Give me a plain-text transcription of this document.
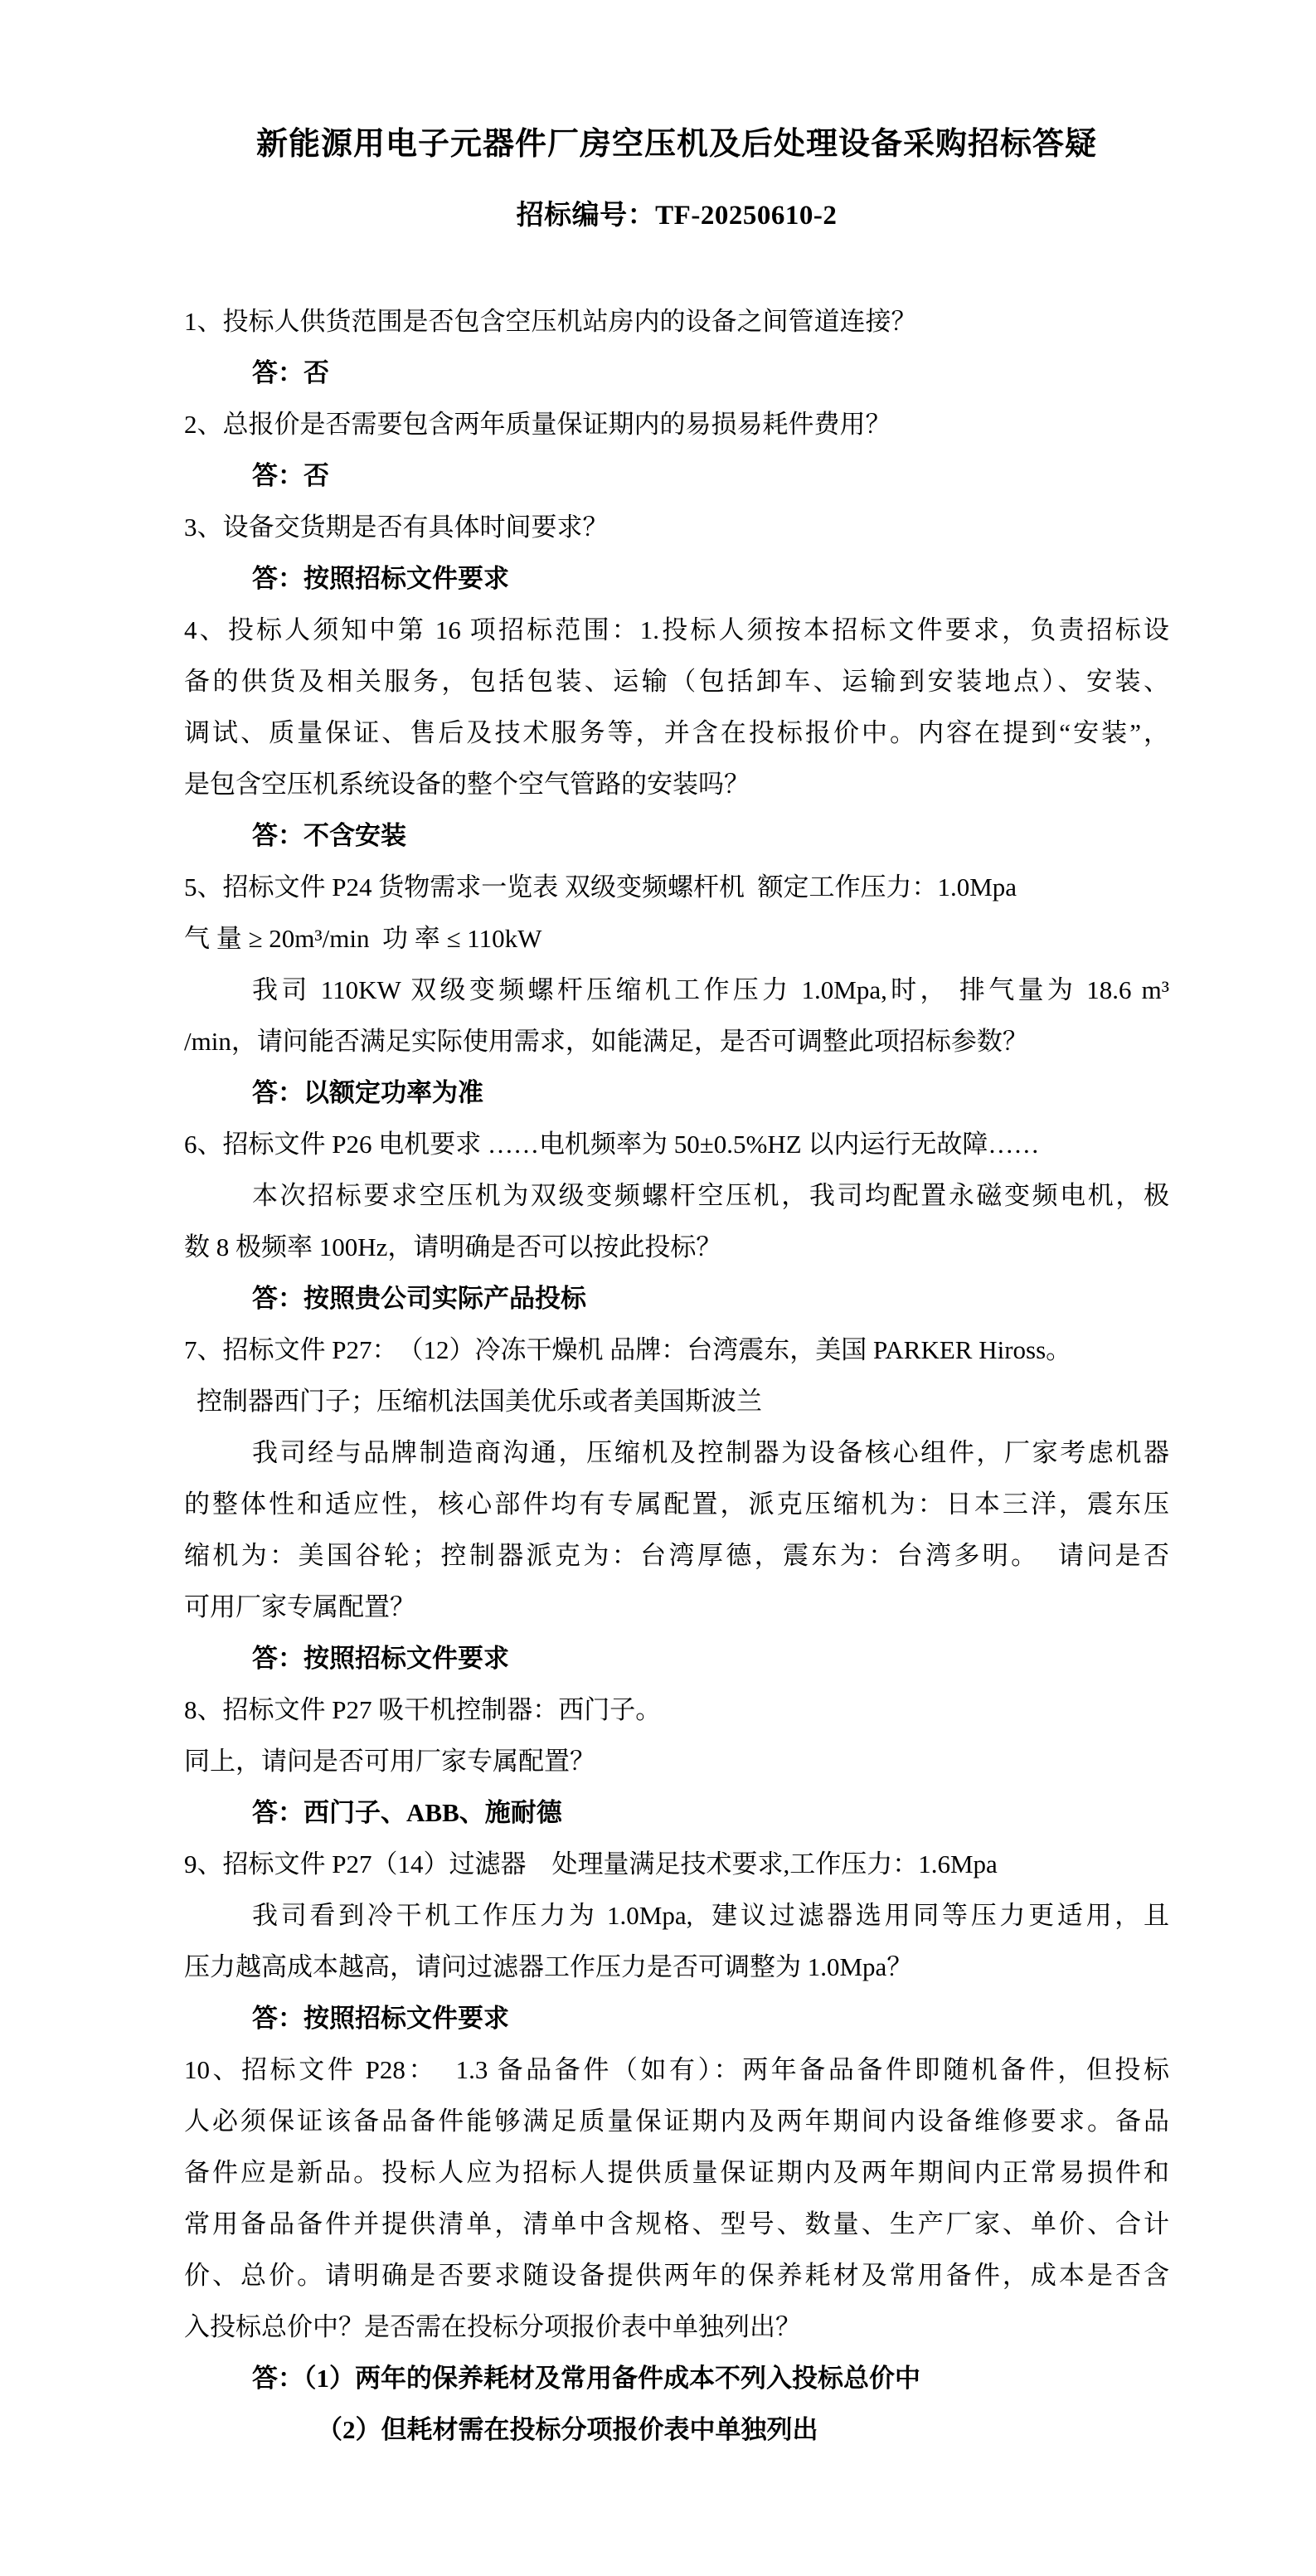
新能源用电子元器件厂房空压机及后处理设备采购招标答疑
招标编号：TF-20250610-2
1、投标人供货范围是否包含空压机站房内的设备之间管道连接？
答：否
2、总报价是否需要包含两年质量保证期内的易损易耗件费用？
答：否
3、设备交货期是否有具体时间要求？
答：按照招标文件要求
4、投标人须知中第 16 项招标范围：1.投标人须按本招标文件要求，负责招标设
备的供货及相关服务，包括包装、运输（包括卸车、运输到安装地点）、安装、
调试、质量保证、售后及技术服务等，并含在投标报价中。内容在提到“安装”，
是包含空压机系统设备的整个空气管路的安装吗？
答：不含安装
5、招标文件 P24 货物需求一览表 双级变频螺杆机  额定工作压力：1.0Mpa
气 量 ≥ 20m³/min  功 率 ≤ 110kW
我司 110KW 双级变频螺杆压缩机工作压力 1.0Mpa,时， 排气量为 18.6 m³
/min，请问能否满足实际使用需求，如能满足，是否可调整此项招标参数？
答：以额定功率为准
6、招标文件 P26 电机要求 ……电机频率为 50±0.5%HZ 以内运行无故障……
本次招标要求空压机为双级变频螺杆空压机，我司均配置永磁变频电机，极
数 8 极频率 100Hz，请明确是否可以按此投标？
答：按照贵公司实际产品投标
7、招标文件 P27：　（12）冷冻干燥机 品牌：台湾震东，美国 PARKER Hiross。
控制器西门子；压缩机法国美优乐或者美国斯波兰
我司经与品牌制造商沟通，压缩机及控制器为设备核心组件，厂家考虑机器
的整体性和适应性，核心部件均有专属配置，派克压缩机为：日本三洋，震东压
缩机为：美国谷轮；控制器派克为：台湾厚德，震东为：台湾多明。  请问是否
可用厂家专属配置？
答：按照招标文件要求
8、招标文件 P27 吸干机控制器：西门子。
同上，请问是否可用厂家专属配置？
答：西门子、ABB、施耐德
9、招标文件 P27（14）过滤器    处理量满足技术要求,工作压力：1.6Mpa
我司看到冷干机工作压力为 1.0Mpa,  建议过滤器选用同等压力更适用，且
压力越高成本越高，请问过滤器工作压力是否可调整为 1.0Mpa？
答：按照招标文件要求
10、招标文件 P28：  1.3 备品备件（如有）：两年备品备件即随机备件，但投标
人必须保证该备品备件能够满足质量保证期内及两年期间内设备维修要求。备品
备件应是新品。投标人应为招标人提供质量保证期内及两年期间内正常易损件和
常用备品备件并提供清单，清单中含规格、型号、数量、生产厂家、单价、合计
价、总价。请明确是否要求随设备提供两年的保养耗材及常用备件，成本是否含
入投标总价中？是否需在投标分项报价表中单独列出？
答：（1）两年的保养耗材及常用备件成本不列入投标总价中
（2）但耗材需在投标分项报价表中单独列出
